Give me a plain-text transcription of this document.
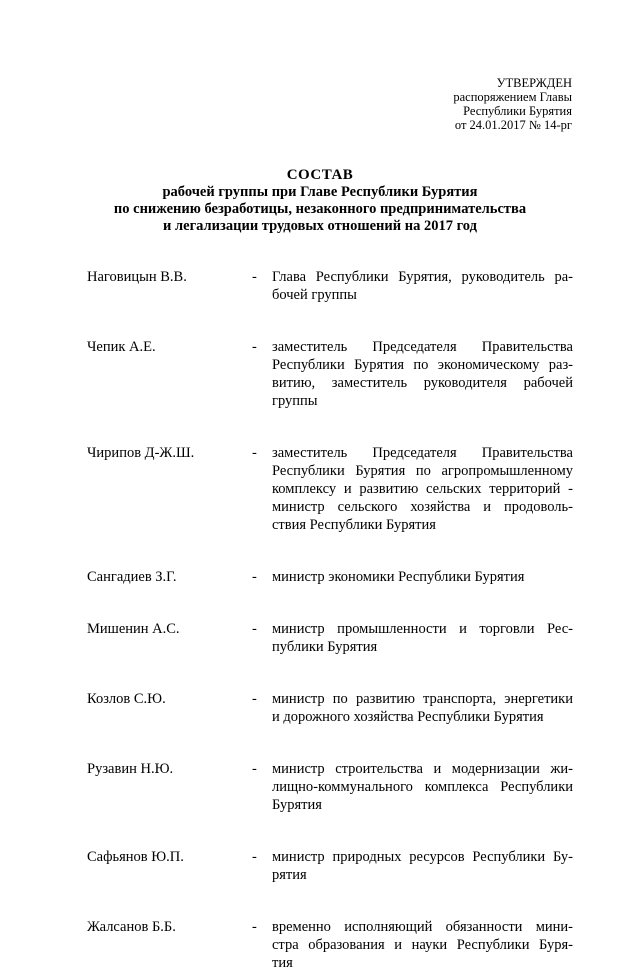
УТВЕРЖДЕН
распоряжением Главы
Республики Бурятия
от 24.01.2017 № 14-рг
СОСТАВ
рабочей группы при Главе Республики Бурятия
по снижению безработицы, незаконного предпринимательства
и легализации трудовых отношений на 2017 год
Наговицын В.В.	-	Глава Республики Бурятия, руководитель ра-
бочей группы
Чепик А.Е.	-	заместитель Председателя Правительства
Республики Бурятия по экономическому раз-
витию, заместитель руководителя рабочей
группы
Чирипов Д-Ж.Ш.	-	заместитель Председателя Правительства
Республики Бурятия по агропромышленному
комплексу и развитию сельских территорий -
министр сельского хозяйства и продоволь-
ствия Республики Бурятия
Сангадиев З.Г.	-	министр экономики Республики Бурятия
Мишенин А.С.	-	министр промышленности и торговли Рес-
публики Бурятия
Козлов С.Ю.	-	министр по развитию транспорта, энергетики
и дорожного хозяйства Республики Бурятия
Рузавин Н.Ю.	-	министр строительства и модернизации жи-
лищно-коммунального комплекса Республики
Бурятия
Сафьянов Ю.П.	-	министр природных ресурсов Республики Бу-
рятия
Жалсанов Б.Б.	-	временно исполняющий обязанности мини-
стра образования и науки Республики Буря-
тия
